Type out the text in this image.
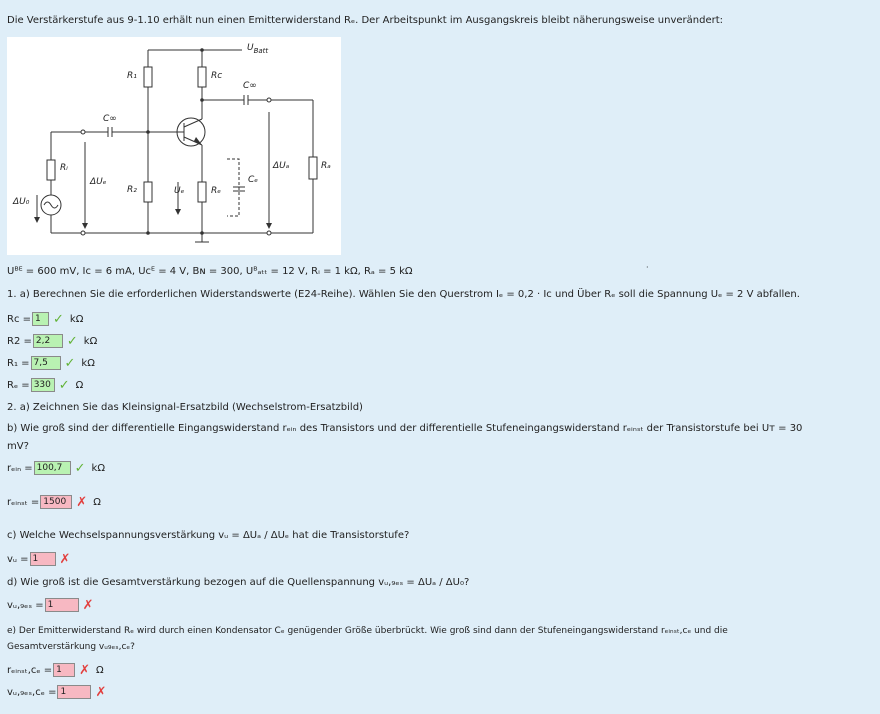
Die Verstärkerstufe aus 9-1.10 erhält nun einen Emitterwiderstand Rₑ. Der Arbeitspunkt im Ausgangskreis bleibt näherungsweise unverändert:
$U_{Batt}$
R₁	Rᴄ
C∞
C∞
Rᵢ
ΔUₑ
R₂	Uₑ	Rₑ
Cₑ
ΔUₐ	Rₐ
ΔU₀
Uᴮᴱ = 600 mV, Iᴄ = 6 mA, Uᴄᴱ = 4 V, Bɴ = 300, Uᴮₐₜₜ = 12 V, Rᵢ = 1 kΩ, Rₐ = 5 kΩ	·
1. a) Berechnen Sie die erforderlichen Widerstandswerte (E24-Reihe). Wählen Sie den Querstrom Iₑ = 0,2 · Iᴄ und Über Rₑ soll die Spannung Uₑ = 2 V abfallen.
Rᴄ = 1 ✓ kΩ
R2 = 2,2	✓ kΩ
R₁ = 7,5	✓ kΩ
Rₑ = 330 ✓ Ω
2. a) Zeichnen Sie das Kleinsignal-Ersatzbild (Wechselstrom-Ersatzbild)
b) Wie groß sind der differentielle Eingangswiderstand rₑᵢₙ des Transistors und der differentielle Stufeneingangswiderstand rₑᵢₙₛₜ der Transistorstufe bei Uᴛ = 30
mV?
rₑᵢₙ = 100,7 ✓ kΩ
rₑᵢₙₛₜ = 1500 ✗ Ω
c) Welche Wechselspannungsverstärkung vᵤ = ΔUₐ / ΔUₑ hat die Transistorstufe?
vᵤ = 1	✗
d) Wie groß ist die Gesamtverstärkung bezogen auf die Quellenspannung vᵤ,₉ₑₛ = ΔUₐ / ΔU₀?
vᵤ,₉ₑₛ = 1	✗
e) Der Emitterwiderstand Rₑ wird durch einen Kondensator Cₑ genügender Größe überbrückt. Wie groß sind dann der Stufeneingangswiderstand rₑᵢₙₛₜ,ᴄₑ und die
Gesamtverstärkung vᵤ₉ₑₛ,ᴄₑ?
rₑᵢₙₛₜ,ᴄₑ = 1	✗ Ω
vᵤ,₉ₑₛ,ᴄₑ = 1	✗
